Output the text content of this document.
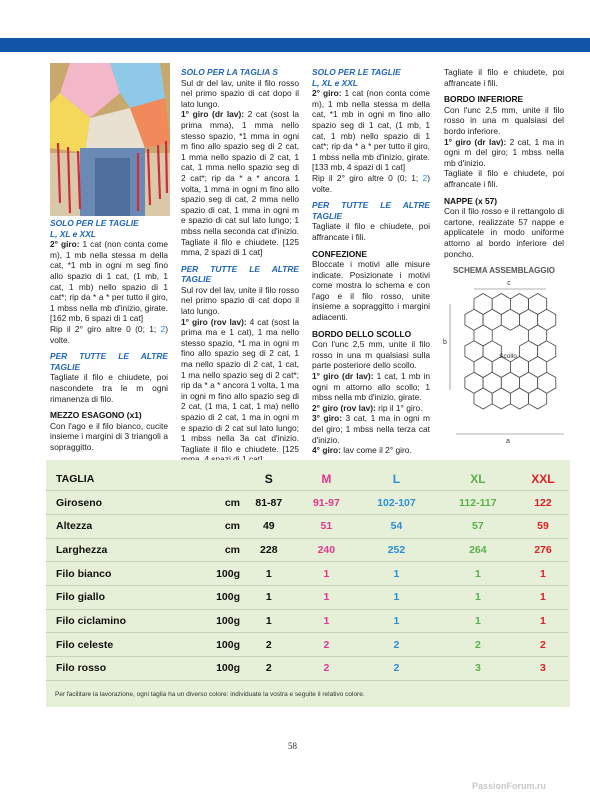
SOLO PER LE TAGLIE
L, XL e XXL
2° giro: 1 cat (non conta come m), 1 mb nella stessa m della cat, *1 mb in ogni m seg fino allo spazio di 1 cat, (1 mb, 1 cat, 1 mb) nello spazio di 1 cat*; rip da * a * per tutto il giro, 1 mbss nella mb d'inizio, girate. [162 mb, 6 spazi di 1 cat]
Rip il 2° giro altre 0 (0; 1; 2) volte.
PER TUTTE LE ALTRE TAGLIE
Tagliate il filo e chiudete, poi nascondete tra le m ogni rimanenza di filo.
MEZZO ESAGONO (x1)
Con l'ago e il filo bianco, cucite insieme i margini di 3 triangoli a sopraggitto.
SOLO PER LA TAGLIA S
Sul dr del lav, unite il filo rosso nel primo spazio di cat dopo il lato lungo.
1° giro (dr lav): 2 cat (sost la prima mma), 1 mma nello stesso spazio, *1 mma in ogni m fino allo spazio seg di 2 cat, 1 mma nello spazio di 2 cat, 1 cat, 1 mma nello spazio seg di 2 cat*; rip da * a * ancora 1 volta, 1 mma in ogni m fino allo spazio seg di cat, 2 mma nello spazio di cat, 1 mma in ogni m e spazio di cat sul lato lungo; 1 mbss nella seconda cat d'inizio. Tagliate il filo e chiudete. [125 mma, 2 spazi di 1 cat]
PER TUTTE LE ALTRE TAGLIE
Sul rov del lav, unite il filo rosso nel primo spazio di cat dopo il lato lungo.
1° giro (rov lav): 4 cat (sost la prima ma e 1 cat), 1 ma nello stesso spazio, *1 ma in ogni m fino allo spazio seg di 2 cat, 1 ma nello spazio di 2 cat, 1 cat, 1 ma nello spazio seg di 2 cat*; rip da * a * ancora 1 volta, 1 ma in ogni m fino allo spazio seg di 2 cat, (1 ma, 1 cat, 1 ma) nello spazio di 2 cat, 1 ma in ogni m e spazio di 2 cat sul lato lungo; 1 mbss nella 3a cat d'inizio. Tagliate il filo e chiudete. [125
SOLO PER LE TAGLIE
L, XL e XXL
2° giro: 1 cat (non conta come m), 1 mb nella stessa m della cat, *1 mb in ogni m fino allo spazio seg di 1 cat, (1 mb, 1 cat, 1 mb) nello spazio di 1 cat*; rip da * a * per tutto il giro, 1 mbss nella mb d'inizio, girate. [133 mb, 4 spazi di 1 cat]
Rip il 2° giro altre 0 (0; 1; 2) volte.
PER TUTTE LE ALTRE TAGLIE
Tagliate il filo e chiudete, poi affrancate i fili.
CONFEZIONE
Bloccate i motivi alle misure indicate. Posizionate i motivi come mostra lo schema e con l'ago e il filo rosso, unite insieme a sopraggitto i margini adiacenti.
BORDO DELLO SCOLLO
Con l'unc 2,5 mm, unite il filo rosso in una m qualsiasi sulla parte posteriore dello scollo.
1° giro (dr lav): 1 cat, 1 mb in ogni m attorno allo scollo; 1 mbss nella mb d'inizio, girate.
2° giro (rov lav): rip il 1° giro.
3° giro: 3 cat, 1 ma in ogni m del giro; 1 mbss nella terza cat d'inizio.
4° giro: lav come il 2° giro.
Tagliate il filo e chiudete, poi affrancate i fili.
BORDO INFERIORE
Con l'unc 2,5 mm, unite il filo rosso in una m qualsiasi del bordo inferiore.
1° giro (dr lav): 2 cat, 1 ma in ogni m del giro; 1 mbss nella mb d'inizio.
Tagliate il filo e chiudete, poi affrancate i fili.
NAPPE (x 57)
Con il filo rosso e il rettangolo di cartone, realizzate 57 nappe e applicatele in modo uniforme attorno al bordo inferiore del poncho.
SCHEMA ASSEMBLAGGIO
c
b
a
Scollo
TAGLIA		S	M	L	XL	XXL
Giroseno	cm	81-87	91-97	102-107	112-117	122
Altezza	cm	49	51	54	57	59
Larghezza	cm	228	240	252	264	276
Filo bianco	100g	1	1	1	1	1
Filo giallo	100g	1	1	1	1	1
Filo ciclamino	100g	1	1	1	1	1
Filo celeste	100g	2	2	2	2	2
Filo rosso	100g	2	2	2	3	3
Per facilitare la lavorazione, ogni taglia ha un diverso colore: individuate la vostra e seguite il relativo colore.
58
PassionForum.ru
